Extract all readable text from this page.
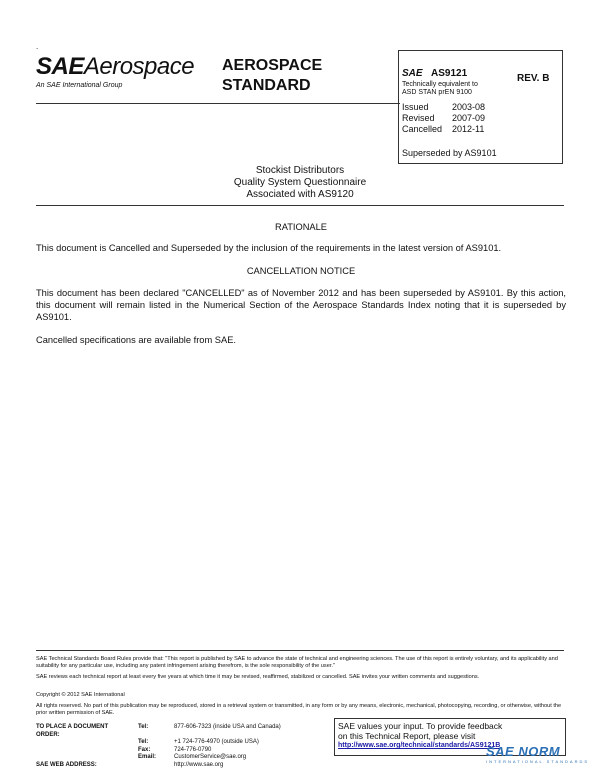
.
SAEAerospace
An SAE International Group
AEROSPACE
STANDARD
SAE AS9121	REV. B
Technically equivalent to
ASD STAN prEN 9100
Issued	2003-08
Revised	2007-09
Cancelled	2012-11
Superseded by AS9101
Stockist Distributors
Quality System Questionnaire
Associated with AS9120
RATIONALE
This document is Cancelled and Superseded by the inclusion of the requirements in the latest version of AS9101.
CANCELLATION NOTICE
This document has been declared "CANCELLED" as of November 2012 and has been superseded by AS9101. By this action, this document will remain listed in the Numerical Section of the Aerospace Standards Index noting that it is superseded by AS9101.
Cancelled specifications are available from SAE.
SAE Technical Standards Board Rules provide that: "This report is published by SAE to advance the state of technical and engineering sciences. The use of this report is entirely voluntary, and its applicability and suitability for any particular use, including any patent infringement arising therefrom, is the sole responsibility of the user."
SAE reviews each technical report at least every five years at which time it may be revised, reaffirmed, stabilized or cancelled. SAE invites your written comments and suggestions.
Copyright © 2012 SAE International
All rights reserved. No part of this publication may be reproduced, stored in a retrieval system or transmitted, in any form or by any means, electronic, mechanical, photocopying, recording, or otherwise, without the prior written permission of SAE.
TO PLACE A DOCUMENT ORDER:	Tel:	877-606-7323 (inside USA and Canada)
	Tel:	+1 724-776-4970 (outside USA)
	Fax:	724-776-0790
	Email:	CustomerService@sae.org
SAE WEB ADDRESS:		http://www.sae.org
SAE values your input. To provide feedback
on this Technical Report, please visit
http://www.sae.org/technical/standards/AS9121B
SAE NORM
INTERNATIONAL STANDARDS
